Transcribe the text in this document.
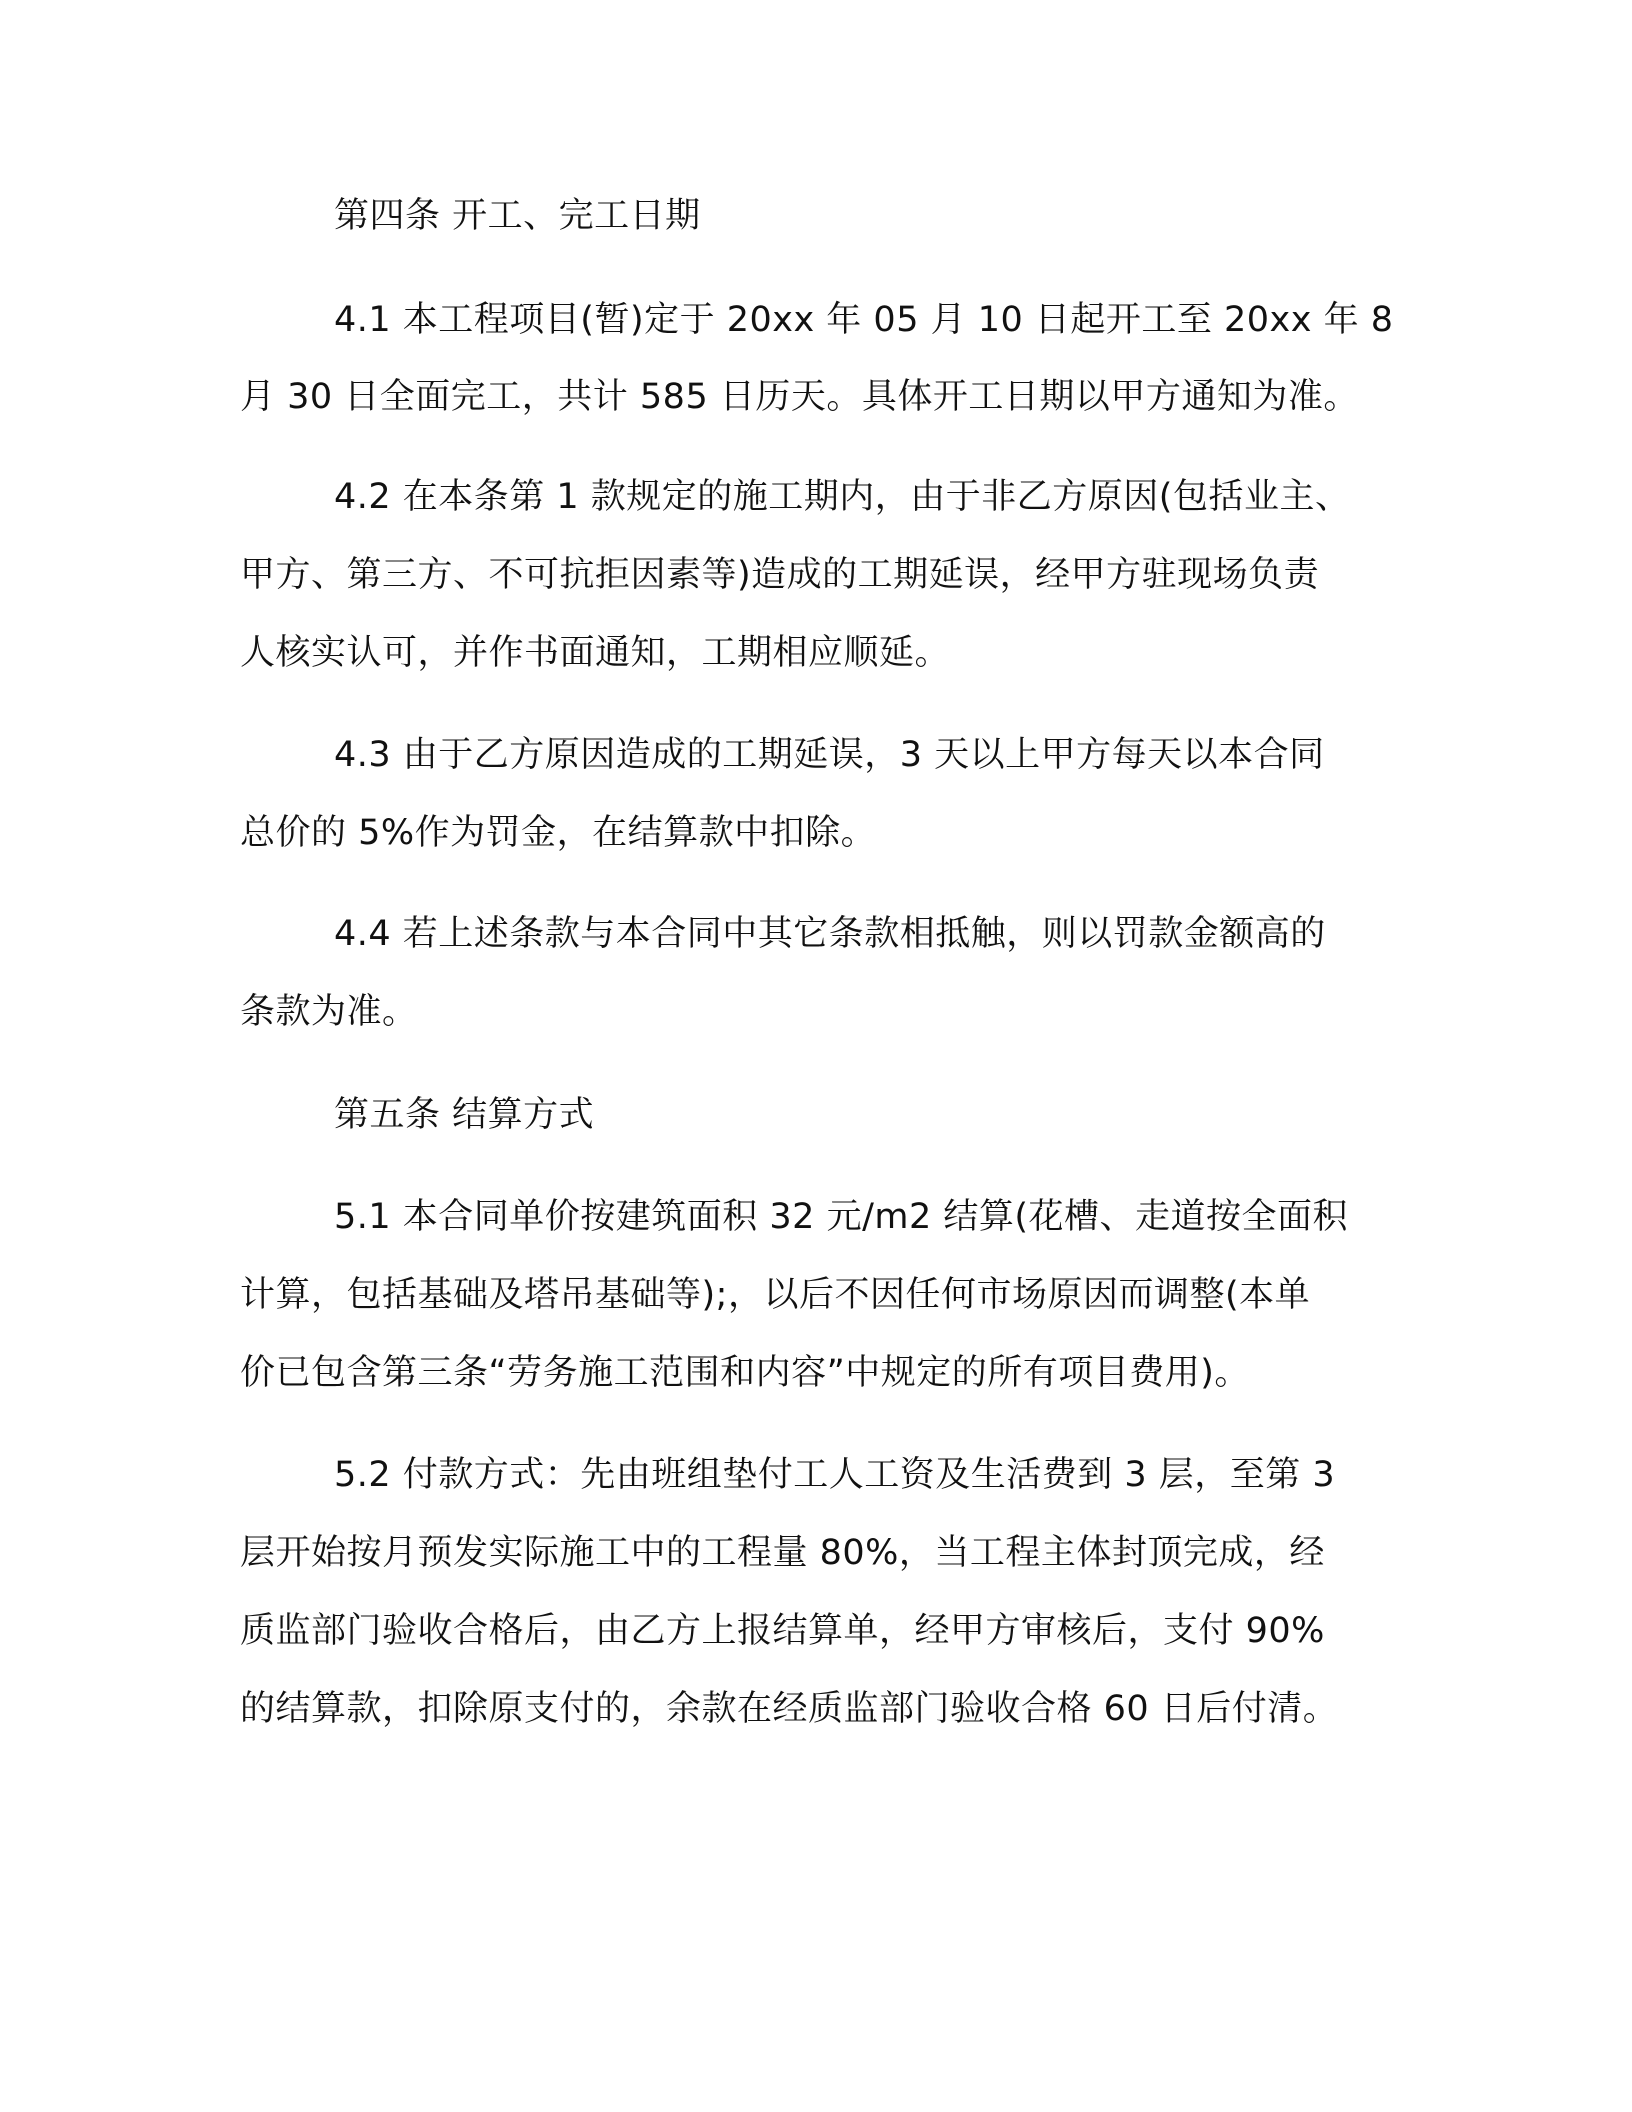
第四条 开工、完工日期
4.1 本工程项目(暂)定于 20xx 年 05 月 10 日起开工至 20xx 年 8
月 30 日全面完工，共计 585 日历天。具体开工日期以甲方通知为准。
4.2 在本条第 1 款规定的施工期内，由于非乙方原因(包括业主、
甲方、第三方、不可抗拒因素等)造成的工期延误，经甲方驻现场负责
人核实认可，并作书面通知，工期相应顺延。
4.3 由于乙方原因造成的工期延误，3 天以上甲方每天以本合同
总价的 5%作为罚金，在结算款中扣除。
4.4 若上述条款与本合同中其它条款相抵触，则以罚款金额高的
条款为准。
第五条 结算方式
5.1 本合同单价按建筑面积 32 元/m2 结算(花槽、走道按全面积
计算，包括基础及塔吊基础等);，以后不因任何市场原因而调整(本单
价已包含第三条“劳务施工范围和内容”中规定的所有项目费用)。
5.2 付款方式：先由班组垫付工人工资及生活费到 3 层，至第 3
层开始按月预发实际施工中的工程量 80%，当工程主体封顶完成，经
质监部门验收合格后，由乙方上报结算单，经甲方审核后，支付 90%
的结算款，扣除原支付的，余款在经质监部门验收合格 60 日后付清。
